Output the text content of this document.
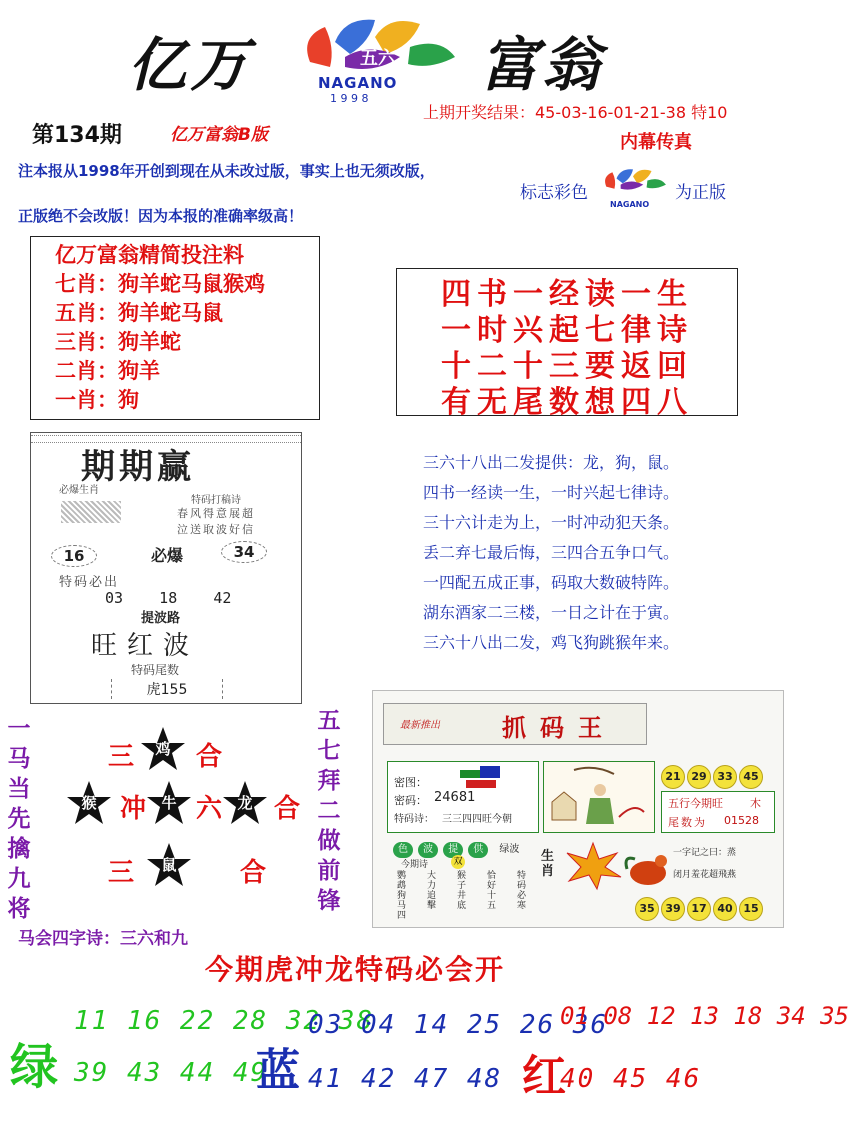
亿万	富翁
五六
NAGANO
1 9 9 8
第134期	亿万富翁B版
上期开奖结果：45-03-16-01-21-38 特10
内幕传真
标志彩色
NAGANO
为正版
注本报从1998年开创到现在从未改过版，事实上也无须改版，
正版绝不会改版！因为本报的准确率级高！
亿万富翁精简投注料
七肖：狗羊蛇马鼠猴鸡
五肖：狗羊蛇马鼠
三肖：狗羊蛇
二肖：狗羊
一肖：狗
四书一经读一生
一时兴起七律诗
十二十三要返回
有无尾数想四八
期期赢
必爆生肖
特码打稿诗
春风得意展超
泣送取波好信
16	必爆	34
特码必出
03    18    42
提波路
旺红波
特码尾数
虎155
三六十八出二发提供：龙，狗，鼠。
四书一经读一生，一时兴起七律诗。
三十六计走为上，一时冲动犯天条。
丢二弃七最后悔，三四合五争口气。
一四配五成正事，码取大数破特阵。
湖东酒家二三楼，一日之计在于寅。
三六十八出二发，鸡飞狗跳猴年来。
最新推出	抓码王
密图：
密码： 24681
特码诗： 三三四四旺今朝
21 29 33 45
五行今期旺 木
尾数为 01528
色 波 提 供 绿波
今期诗	双
鹦鹉狗马四
大力追擊
猴子井底
恰好十五
特码必寒
生肖
一字记之曰：蒸
闭月羞花超飛燕
35 39 17 40 15
一
马
当
先
擒
九
将
五
七
拜
二
做
前
锋
三	鸡 合
猴 冲	牛 六	龙 合
三	鼠	合
马会四字诗：三六和九
今期虎冲龙特码必会开
绿
11 16 22 28 32 38
39 43 44 49
蓝
03 04 14 25 26 36
41 42 47 48 红
01 08 12 13 18 34 35
40 45 46
